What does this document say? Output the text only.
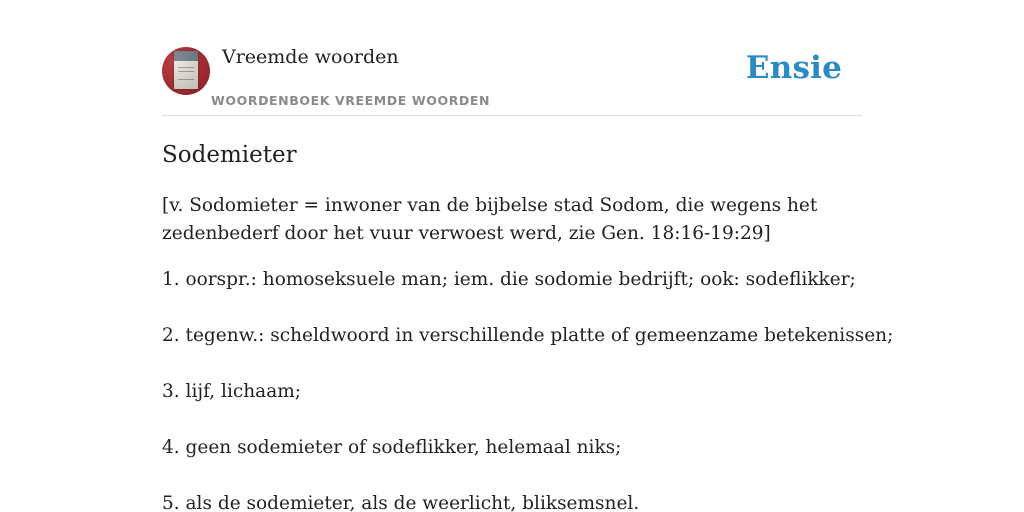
Vreemde woorden
WOORDENBOEK VREEMDE WOORDEN
Ensie
Sodemieter

[v. Sodomieter = inwoner van de bijbelse stad Sodom, die wegens het zedenbederf door het vuur verwoest werd, zie Gen. 18:16-19:29]

1. oorspr.: homoseksuele man; iem. die sodomie bedrijft; ook: sodeflikker;
2. tegenw.: scheldwoord in verschillende platte of gemeenzame betekenissen;
3. lijf, lichaam;
4. geen sodemieter of sodeflikker, helemaal niks;
5. als de sodemieter, als de weerlicht, bliksemsnel.
